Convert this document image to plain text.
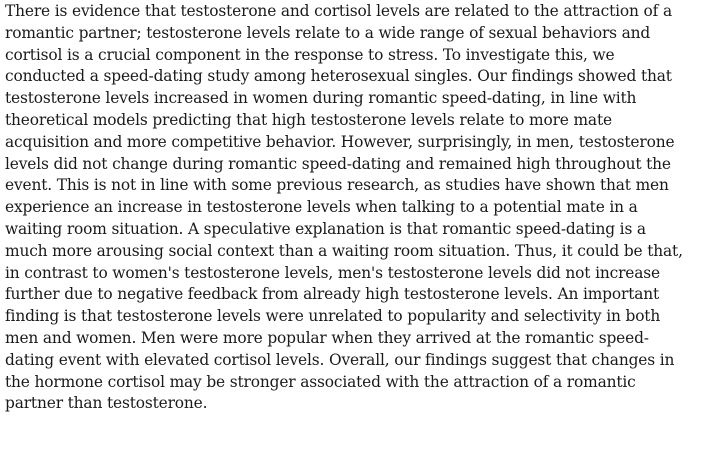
There is evidence that testosterone and cortisol levels are related to the attraction of a
romantic partner; testosterone levels relate to a wide range of sexual behaviors and
cortisol is a crucial component in the response to stress. To investigate this, we
conducted a speed-dating study among heterosexual singles. Our findings showed that
testosterone levels increased in women during romantic speed-dating, in line with
theoretical models predicting that high testosterone levels relate to more mate
acquisition and more competitive behavior. However, surprisingly, in men, testosterone
levels did not change during romantic speed-dating and remained high throughout the
event. This is not in line with some previous research, as studies have shown that men
experience an increase in testosterone levels when talking to a potential mate in a
waiting room situation. A speculative explanation is that romantic speed-dating is a
much more arousing social context than a waiting room situation. Thus, it could be that,
in contrast to women's testosterone levels, men's testosterone levels did not increase
further due to negative feedback from already high testosterone levels. An important
finding is that testosterone levels were unrelated to popularity and selectivity in both
men and women. Men were more popular when they arrived at the romantic speed-
dating event with elevated cortisol levels. Overall, our findings suggest that changes in
the hormone cortisol may be stronger associated with the attraction of a romantic
partner than testosterone.
